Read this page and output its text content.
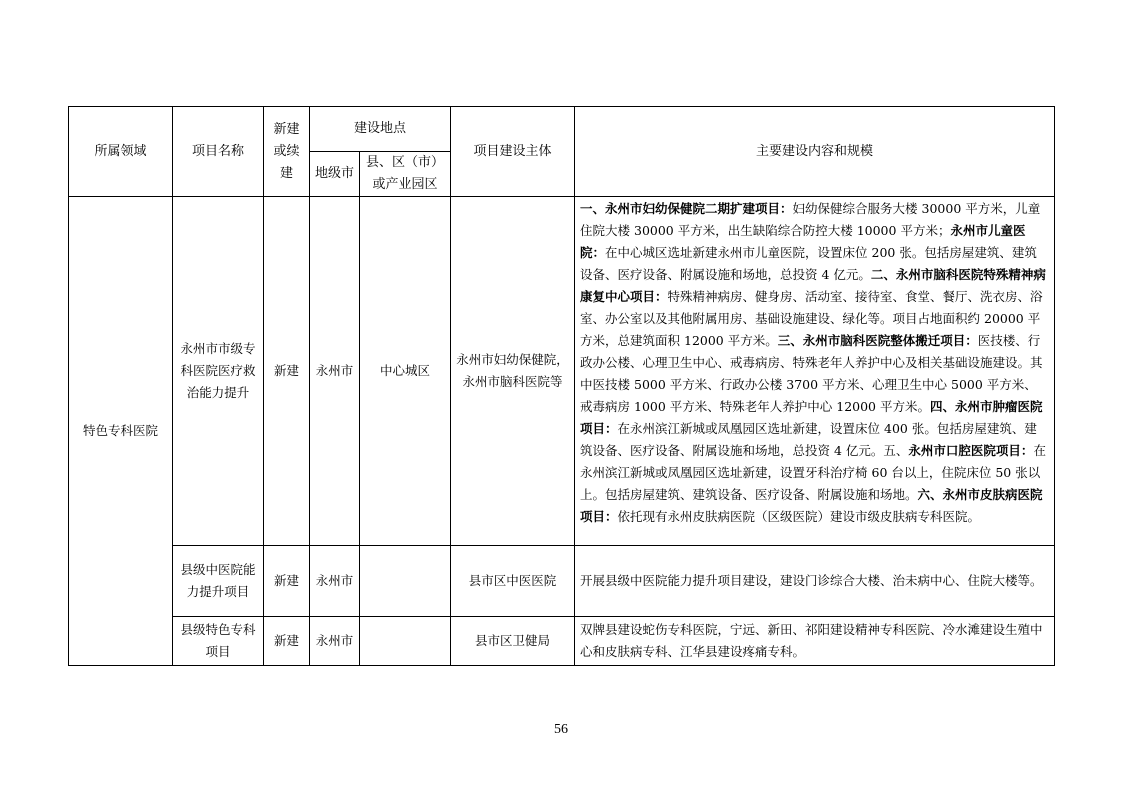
所属领域	项目名称	新建或续建	建设地点		项目建设主体	主要建设内容和规模
			地级市	县、区（市）或产业园区		
特色专科医院	永州市市级专科医院医疗救治能力提升	新建	永州市	中心城区	永州市妇幼保健院，永州市脑科医院等	一、永州市妇幼保健院二期扩建项目：妇幼保健综合服务大楼 30000 平方米，儿童住院大楼 30000 平方米，出生缺陷综合防控大楼 10000 平方米；永州市儿童医院：在中心城区选址新建永州市儿童医院，设置床位 200 张。包括房屋建筑、建筑设备、医疗设备、附属设施和场地，总投资 4 亿元。二、永州市脑科医院特殊精神病康复中心项目：特殊精神病房、健身房、活动室、接待室、食堂、餐厅、洗衣房、浴室、办公室以及其他附属用房、基础设施建设、绿化等。项目占地面积约 20000 平方米，总建筑面积 12000 平方米。三、永州市脑科医院整体搬迁项目：医技楼、行政办公楼、心理卫生中心、戒毒病房、特殊老年人养护中心及相关基础设施建设。其中医技楼 5000 平方米、行政办公楼 3700 平方米、心理卫生中心 5000 平方米、戒毒病房 1000 平方米、特殊老年人养护中心 12000 平方米。四、永州市肿瘤医院项目：在永州滨江新城或凤凰园区选址新建，设置床位 400 张。包括房屋建筑、建筑设备、医疗设备、附属设施和场地，总投资 4 亿元。五、永州市口腔医院项目：在永州滨江新城或凤凰园区选址新建，设置牙科治疗椅 60 台以上，住院床位 50 张以上。包括房屋建筑、建筑设备、医疗设备、附属设施和场地。六、永州市皮肤病医院项目：依托现有永州皮肤病医院（区级医院）建设市级皮肤病专科医院。
	县级中医院能力提升项目	新建	永州市		县市区中医医院	开展县级中医院能力提升项目建设，建设门诊综合大楼、治未病中心、住院大楼等。
	县级特色专科项目	新建	永州市		县市区卫健局	双牌县建设蛇伤专科医院，宁远、新田、祁阳建设精神专科医院、冷水滩建设生殖中心和皮肤病专科、江华县建设疼痛专科。
56
